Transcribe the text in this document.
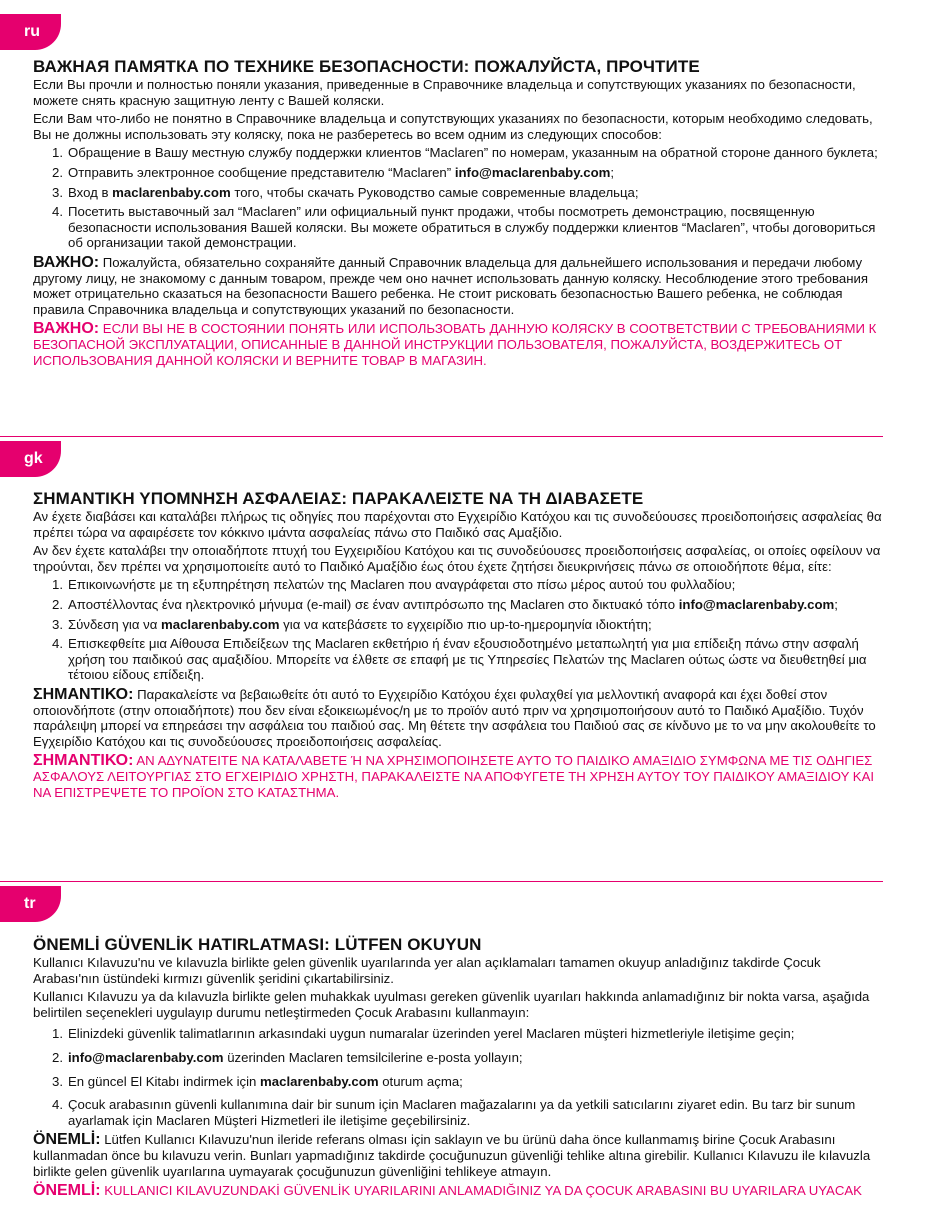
ru
ВАЖНАЯ ПАМЯТКА ПО ТЕХНИКЕ БЕЗОПАСНОСТИ: ПОЖАЛУЙСТА, ПРОЧТИТЕ

Если Вы прочли и полностью поняли указания, приведенные в Справочнике владельца и сопутствующих указаниях по безопасности, можете снять красную защитную ленту с Вашей коляски.

Если Вам что-либо не понятно в Справочнике владельца и сопутствующих указаниях по безопасности, которым необходимо следовать, Вы не должны использовать эту коляску, пока не разберетесь во всем одним из следующих способов:

1. Обращение в Вашу местную службу поддержки клиентов “Maclaren” по номерам, указанным на обратной стороне данного буклета;
2. Отправить электронное сообщение представителю “Maclaren” info@maclarenbaby.com;
3. Вход в maclarenbaby.com того, чтобы скачать Руководство самые современные владельца;
4. Посетить выставочный зал “Maclaren” или официальный пункт продажи, чтобы посмотреть демонстрацию, посвященную безопасности использования Вашей коляски. Вы можете обратиться в службу поддержки клиентов “Maclaren”, чтобы договориться об организации такой демонстрации.

ВАЖНО: Пожалуйста, обязательно сохраняйте данный Справочник владельца для дальнейшего использования и передачи любому другому лицу, не знакомому с данным товаром, прежде чем оно начнет использовать данную коляску. Несоблюдение этого требования может отрицательно сказаться на безопасности Вашего ребенка. Не стоит рисковать безопасностью Вашего ребенка, не соблюдая правила Справочника владельца и сопутствующих указаний по безопасности.

ВАЖНО: ЕСЛИ ВЫ НЕ В СОСТОЯНИИ ПОНЯТЬ ИЛИ ИСПОЛЬЗОВАТЬ ДАННУЮ КОЛЯСКУ В СООТВЕТСТВИИ С ТРЕБОВАНИЯМИ К БЕЗОПАСНОЙ ЭКСПЛУАТАЦИИ, ОПИСАННЫЕ В ДАННОЙ ИНСТРУКЦИИ ПОЛЬЗОВАТЕЛЯ, ПОЖАЛУЙСТА, ВОЗДЕРЖИТЕСЬ ОТ ИСПОЛЬЗОВАНИЯ ДАННОЙ КОЛЯСКИ И ВЕРНИТЕ ТОВАР В МАГАЗИН.

gk
ΣΗΜΑΝΤΙΚΗ ΥΠΟΜΝΗΣΗ ΑΣΦΑΛΕΙΑΣ: ΠΑΡΑΚΑΛΕΙΣΤΕ ΝΑ ΤΗ ΔΙΑΒΑΣΕΤΕ

Αν έχετε διαβάσει και καταλάβει πλήρως τις οδηγίες που παρέχονται στο Εγχειρίδιο Κατόχου και τις συνοδεύουσες προειδοποιήσεις ασφαλείας θα πρέπει τώρα να αφαιρέσετε τον κόκκινο ιμάντα ασφαλείας πάνω στο Παιδικό σας Αμαξίδιο.

Αν δεν έχετε καταλάβει την οποιαδήποτε πτυχή του Εγχειριδίου Κατόχου και τις συνοδεύουσες προειδοποιήσεις ασφαλείας, οι οποίες οφείλουν να τηρούνται, δεν πρέπει να χρησιμοποιείτε αυτό το Παιδικό Αμαξίδιο έως ότου έχετε ζητήσει διευκρινήσεις πάνω σε οποιοδήποτε θέμα, είτε:

1. Επικοινωνήστε με τη εξυπηρέτηση πελατών της Maclaren που αναγράφεται στο πίσω μέρος αυτού του φυλλαδίου;
2. Αποστέλλοντας ένα ηλεκτρονικό μήνυμα (e-mail) σε έναν αντιπρόσωπο της Maclaren στο δικτυακό τόπο info@maclarenbaby.com;
3. Σύνδεση για να maclarenbaby.com για να κατεβάσετε το εγχειρίδιο πιο up-to-ημερομηνία ιδιοκτήτη;
4. Επισκεφθείτε μια Αίθουσα Επιδείξεων της Maclaren εκθετήριο ή έναν εξουσιοδοτημένο μεταπωλητή για μια επίδειξη πάνω στην ασφαλή χρήση του παιδικού σας αμαξιδίου. Μπορείτε να έλθετε σε επαφή με τις Υπηρεσίες Πελατών της Maclaren ούτως ώστε να διευθετηθεί μια τέτοιου είδους επίδειξη.

ΣΗΜΑΝΤΙΚΟ: Παρακαλείστε να βεβαιωθείτε ότι αυτό το Εγχειρίδιο Κατόχου έχει φυλαχθεί για μελλοντική αναφορά και έχει δοθεί στον οποιονδήποτε (στην οποιαδήποτε) που δεν είναι εξοικειωμένος/η με το προϊόν αυτό πριν να χρησιμοποιήσουν αυτό το Παιδικό Αμαξίδιο. Τυχόν παράλειψη μπορεί να επηρεάσει την ασφάλεια του παιδιού σας. Μη θέτετε την ασφάλεια του Παιδιού σας σε κίνδυνο με το να μην ακολουθείτε το Εγχειρίδιο Κατόχου και τις συνοδεύουσες προειδοποιήσεις ασφαλείας.

ΣΗΜΑΝΤΙΚΟ: ΑΝ ΑΔΥΝΑΤΕΙΤΕ ΝΑ ΚΑΤΑΛΑΒΕΤΕ Ή ΝΑ ΧΡΗΣΙΜΟΠΟΙΗΣΕΤΕ ΑΥΤΟ ΤΟ ΠΑΙΔΙΚΟ ΑΜΑΞΙΔΙΟ ΣΥΜΦΩΝΑ ΜΕ ΤΙΣ ΟΔΗΓΙΕΣ ΑΣΦΑΛΟΥΣ ΛΕΙΤΟΥΡΓΙΑΣ ΣΤΟ ΕΓΧΕΙΡΙΔΙΟ ΧΡΗΣΤΗ, ΠΑΡΑΚΑΛΕΙΣΤΕ ΝΑ ΑΠΟΦΥΓΕΤΕ ΤΗ ΧΡΗΣΗ ΑΥΤΟΥ ΤΟΥ ΠΑΙΔΙΚΟΥ ΑΜΑΞΙΔΙΟΥ ΚΑΙ ΝΑ ΕΠΙΣΤΡΕΨΕΤΕ ΤΟ ΠΡΟΪΟΝ ΣΤΟ ΚΑΤΑΣΤΗΜΑ.

tr
ÖNEMLİ GÜVENLİK HATIRLATMASI: LÜTFEN OKUYUN

Kullanıcı Kılavuzu'nu ve kılavuzla birlikte gelen güvenlik uyarılarında yer alan açıklamaları tamamen okuyup anladığınız takdirde Çocuk Arabası'nın üstündeki kırmızı güvenlik şeridini çıkartabilirsiniz.

Kullanıcı Kılavuzu ya da kılavuzla birlikte gelen muhakkak uyulması gereken güvenlik uyarıları hakkında anlamadığınız bir nokta varsa, aşağıda belirtilen seçenekleri uygulayıp durumu netleştirmeden Çocuk Arabasını kullanmayın:

1. Elinizdeki güvenlik talimatlarının arkasındaki uygun numaralar üzerinden yerel Maclaren müşteri hizmetleriyle iletişime geçin;
2. info@maclarenbaby.com üzerinden Maclaren temsilcilerine e-posta yollayın;
3. En güncel El Kitabı indirmek için maclarenbaby.com oturum açma;
4. Çocuk arabasının güvenli kullanımına dair bir sunum için Maclaren mağazalarını ya da yetkili satıcılarını ziyaret edin. Bu tarz bir sunum ayarlamak için Maclaren Müşteri Hizmetleri ile iletişime geçebilirsiniz.

ÖNEMLİ: Lütfen Kullanıcı Kılavuzu'nun ileride referans olması için saklayın ve bu ürünü daha önce kullanmamış birine Çocuk Arabasını kullanmadan önce bu kılavuzu verin. Bunları yapmadığınız takdirde çocuğunuzun güvenliği tehlike altına girebilir. Kullanıcı Kılavuzu ile kılavuzla birlikte gelen güvenlik uyarılarına uymayarak çocuğunuzun güvenliğini tehlikeye atmayın.

ÖNEMLİ: KULLANICI KILAVUZUNDAKİ GÜVENLİK UYARILARINI ANLAMADIĞINIZ YA DA ÇOCUK ARABASINI BU UYARILARA UYACAK
